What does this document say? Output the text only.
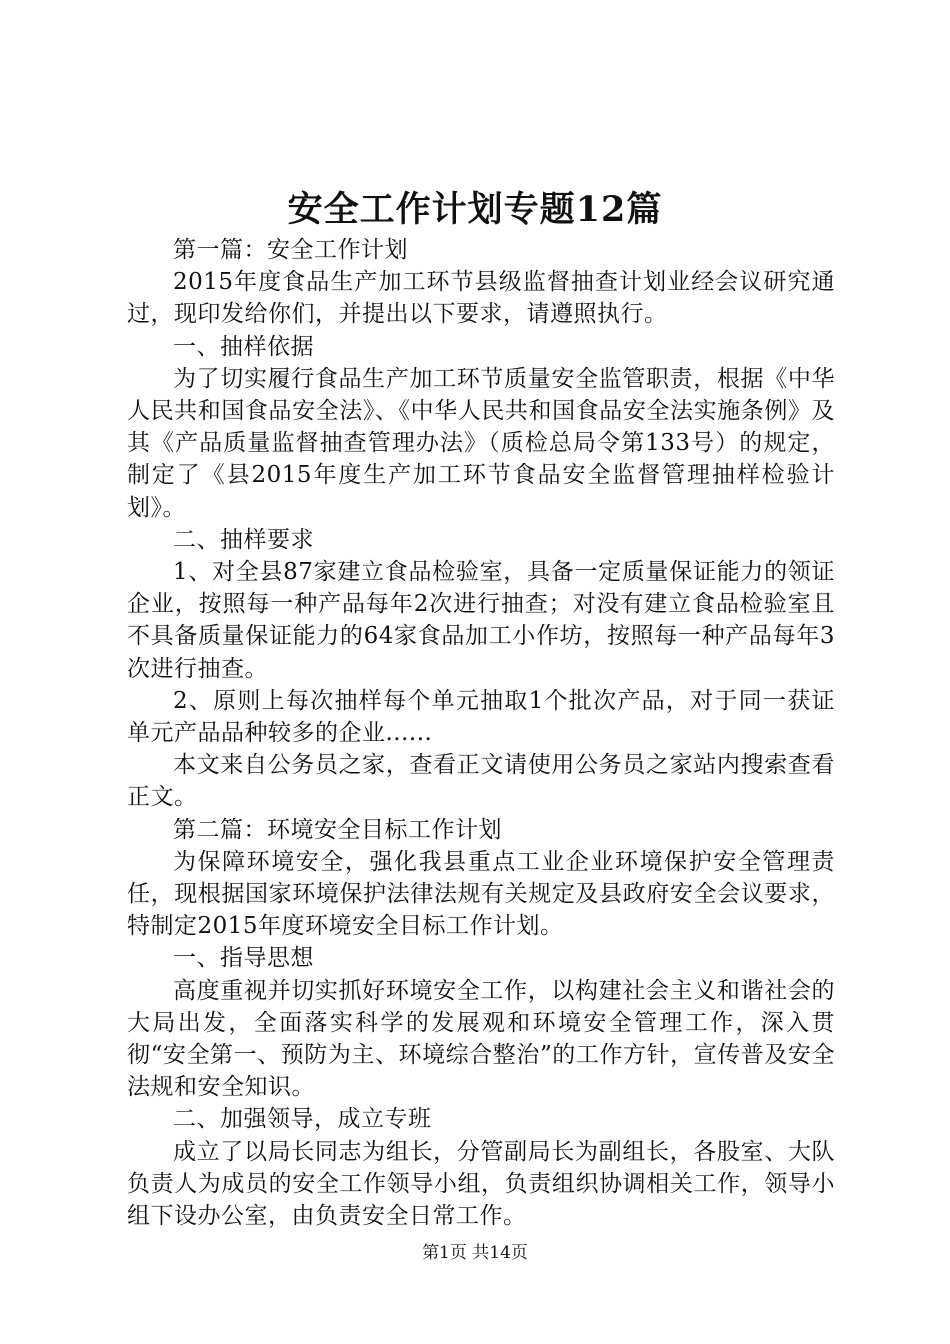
安全工作计划专题12篇

第一篇：安全工作计划

2015年度食品生产加工环节县级监督抽查计划业经会议研究通过，现印发给你们，并提出以下要求，请遵照执行。

一、抽样依据

为了切实履行食品生产加工环节质量安全监管职责，根据《中华人民共和国食品安全法》、《中华人民共和国食品安全法实施条例》及其《产品质量监督抽查管理办法》（质检总局令第133号）的规定，制定了《县2015年度生产加工环节食品安全监督管理抽样检验计划》。

二、抽样要求

1、对全县87家建立食品检验室，具备一定质量保证能力的领证企业，按照每一种产品每年2次进行抽查；对没有建立食品检验室且不具备质量保证能力的64家食品加工小作坊，按照每一种产品每年3次进行抽查。

2、原则上每次抽样每个单元抽取1个批次产品，对于同一获证单元产品品种较多的企业......

本文来自公务员之家，查看正文请使用公务员之家站内搜索查看正文。

第二篇：环境安全目标工作计划

为保障环境安全，强化我县重点工业企业环境保护安全管理责任，现根据国家环境保护法律法规有关规定及县政府安全会议要求，特制定2015年度环境安全目标工作计划。

一、指导思想

高度重视并切实抓好环境安全工作，以构建社会主义和谐社会的大局出发，全面落实科学的发展观和环境安全管理工作，深入贯彻“安全第一、预防为主、环境综合整治”的工作方针，宣传普及安全法规和安全知识。

二、加强领导，成立专班

成立了以局长同志为组长，分管副局长为副组长，各股室、大队负责人为成员的安全工作领导小组，负责组织协调相关工作，领导小组下设办公室，由负责安全日常工作。

第1页 共14页
